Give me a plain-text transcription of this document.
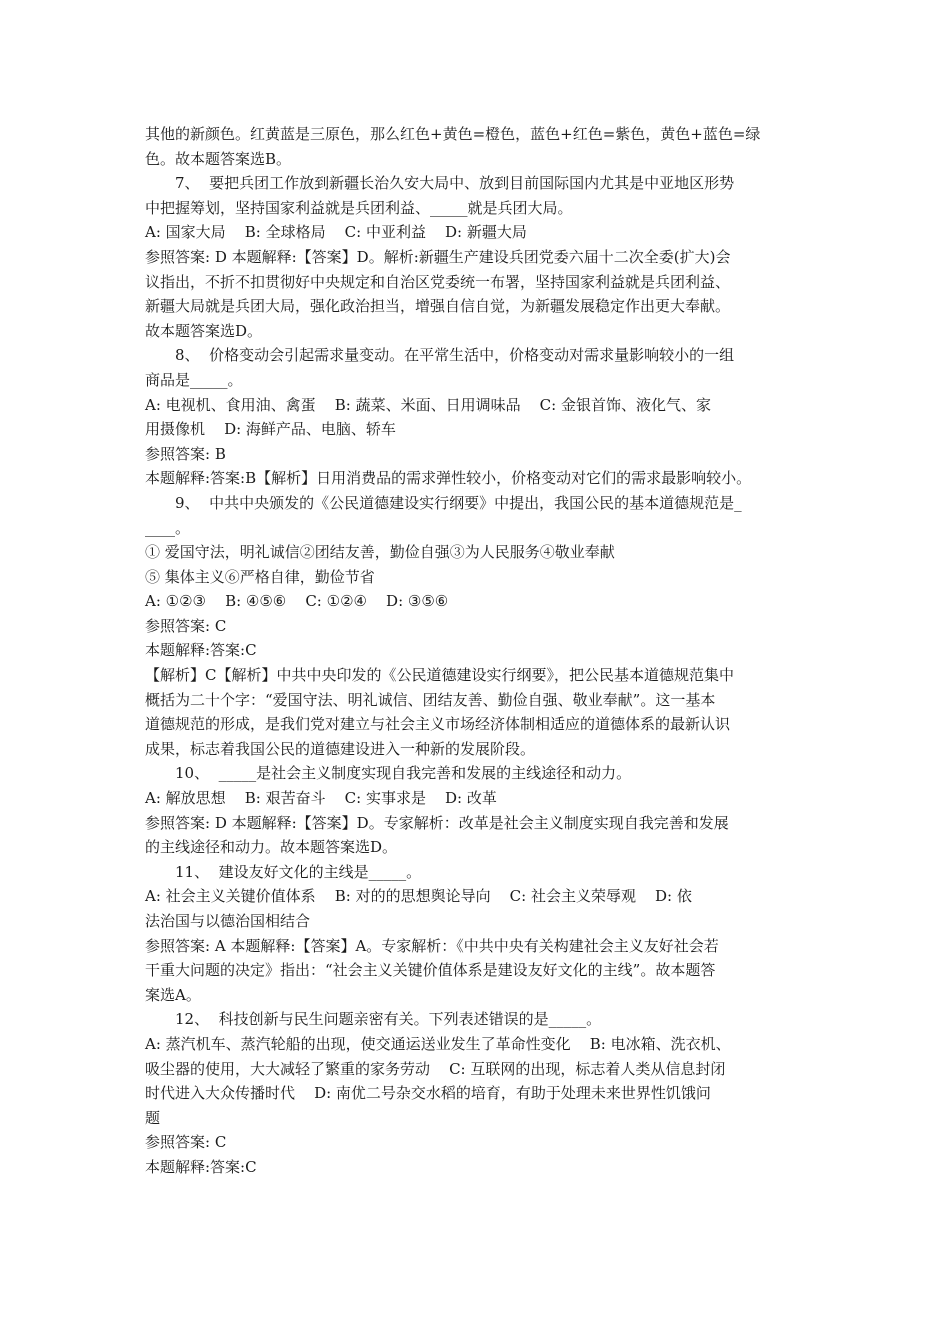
其他的新颜色。红黄蓝是三原色，那么红色+黄色=橙色，蓝色+红色=紫色，黄色+蓝色=绿
色。故本题答案选B。
7、  要把兵团工作放到新疆长治久安大局中、放到目前国际国内尤其是中亚地区形势
中把握筹划，坚持国家利益就是兵团利益、_____就是兵团大局。
A: 国家大局    B: 全球格局    C: 中亚利益    D: 新疆大局
参照答案: D 本题解释:【答案】D。解析:新疆生产建设兵团党委六届十二次全委(扩大)会
议指出，不折不扣贯彻好中央规定和自治区党委统一布署，坚持国家利益就是兵团利益、
新疆大局就是兵团大局，强化政治担当，增强自信自觉，为新疆发展稳定作出更大奉献。
故本题答案选D。
8、  价格变动会引起需求量变动。在平常生活中，价格变动对需求量影响较小的一组
商品是_____。
A: 电视机、食用油、禽蛋    B: 蔬菜、米面、日用调味品    C: 金银首饰、液化气、家
用摄像机    D: 海鲜产品、电脑、轿车
参照答案: B
本题解释:答案:B【解析】日用消费品的需求弹性较小，价格变动对它们的需求最影响较小。
9、  中共中央颁发的《公民道德建设实行纲要》中提出，我国公民的基本道德规范是_
____。
① 爱国守法，明礼诚信②团结友善，勤俭自强③为人民服务④敬业奉献
⑤ 集体主义⑥严格自律，勤俭节省
A: ①②③    B: ④⑤⑥    C: ①②④    D: ③⑤⑥
参照答案: C
本题解释:答案:C
【解析】C【解析】中共中央印发的《公民道德建设实行纲要》，把公民基本道德规范集中
概括为二十个字：“爱国守法、明礼诚信、团结友善、勤俭自强、敬业奉献”。这一基本
道德规范的形成，是我们党对建立与社会主义市场经济体制相适应的道德体系的最新认识
成果，标志着我国公民的道德建设进入一种新的发展阶段。
10、  _____是社会主义制度实现自我完善和发展的主线途径和动力。
A: 解放思想    B: 艰苦奋斗    C: 实事求是    D: 改革
参照答案: D 本题解释:【答案】D。专家解析：改革是社会主义制度实现自我完善和发展
的主线途径和动力。故本题答案选D。
11、  建设友好文化的主线是_____。
A: 社会主义关键价值体系    B: 对的的思想舆论导向    C: 社会主义荣辱观    D: 依
法治国与以德治国相结合
参照答案: A 本题解释:【答案】A。专家解析：《中共中央有关构建社会主义友好社会若
干重大问题的决定》指出：“社会主义关键价值体系是建设友好文化的主线”。故本题答
案选A。
12、  科技创新与民生问题亲密有关。下列表述错误的是_____。
A: 蒸汽机车、蒸汽轮船的出现，使交通运送业发生了革命性变化    B: 电冰箱、洗衣机、
吸尘器的使用，大大减轻了繁重的家务劳动    C: 互联网的出现，标志着人类从信息封闭
时代进入大众传播时代    D: 南优二号杂交水稻的培育，有助于处理未来世界性饥饿问
题
参照答案: C
本题解释:答案:C
